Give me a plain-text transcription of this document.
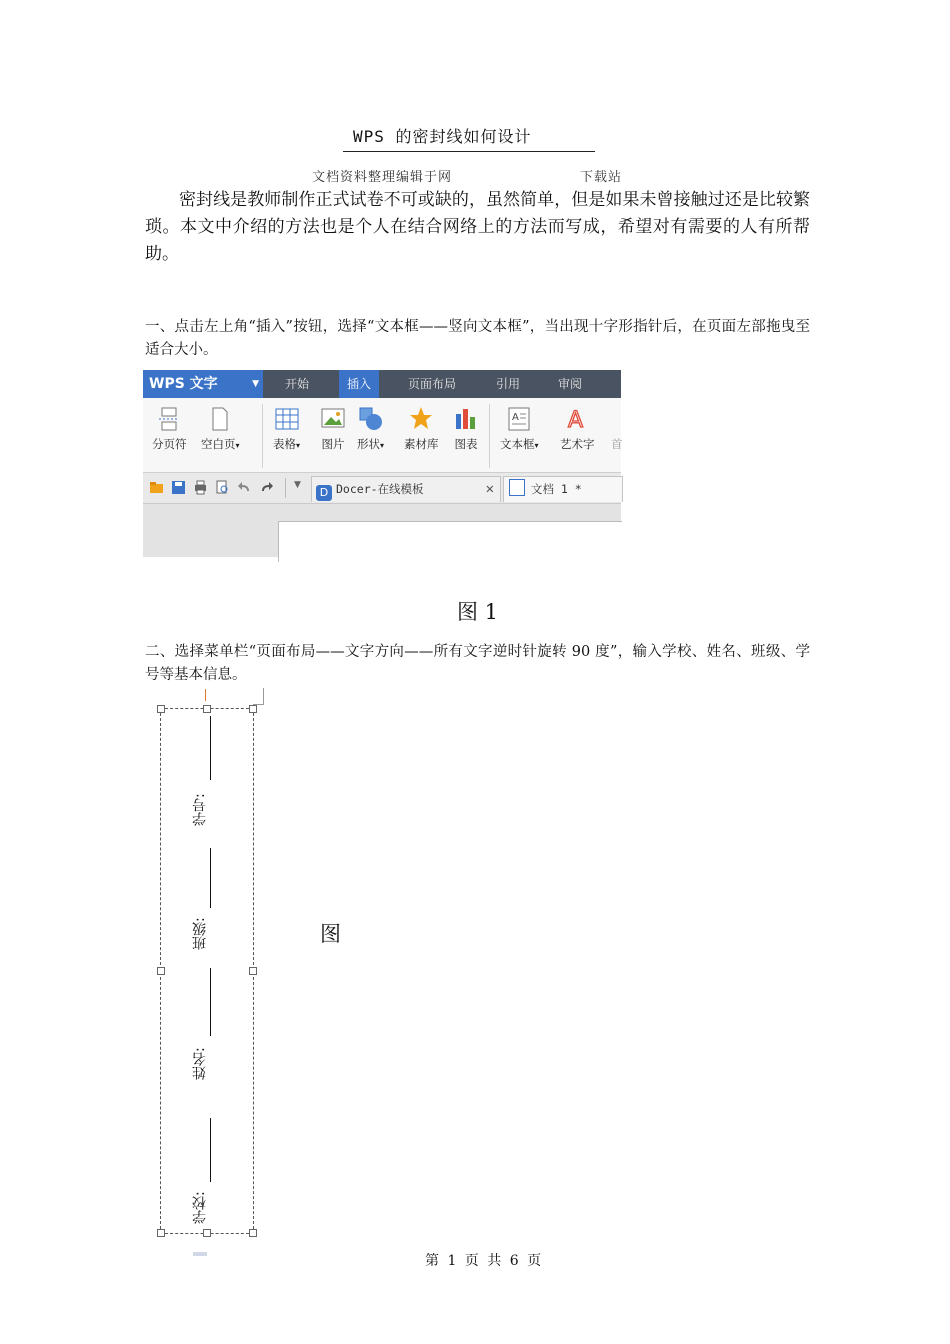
WPS 的密封线如何设计
文档资料整理编辑于网	下载站
密封线是教师制作正式试卷不可或缺的，虽然简单，但是如果未曾接触过还是比较繁琐。本文中介绍的方法也是个人在结合网络上的方法而写成，希望对有需要的人有所帮助。
一、点击左上角“插入”按钮，选择“文本框——竖向文本框”，当出现十字形指针后，在页面左部拖曳至适合大小。
WPS 文字	▼ 开始	插入	页面布局	引用	审阅
分页符 空白页▾	表格▾ 图片 形状▾ 素材库 图表
A
文本框▾
A
艺术字 首
▼
D Docer-在线模板	✕	文档 1 *
图 1
二、选择菜单栏“页面布局——文字方向——所有文字逆时针旋转 90 度”，输入学校、姓名、班级、学号等基本信息。
学号:
班级:
姓名:
学校:
图
第 1 页 共 6 页
